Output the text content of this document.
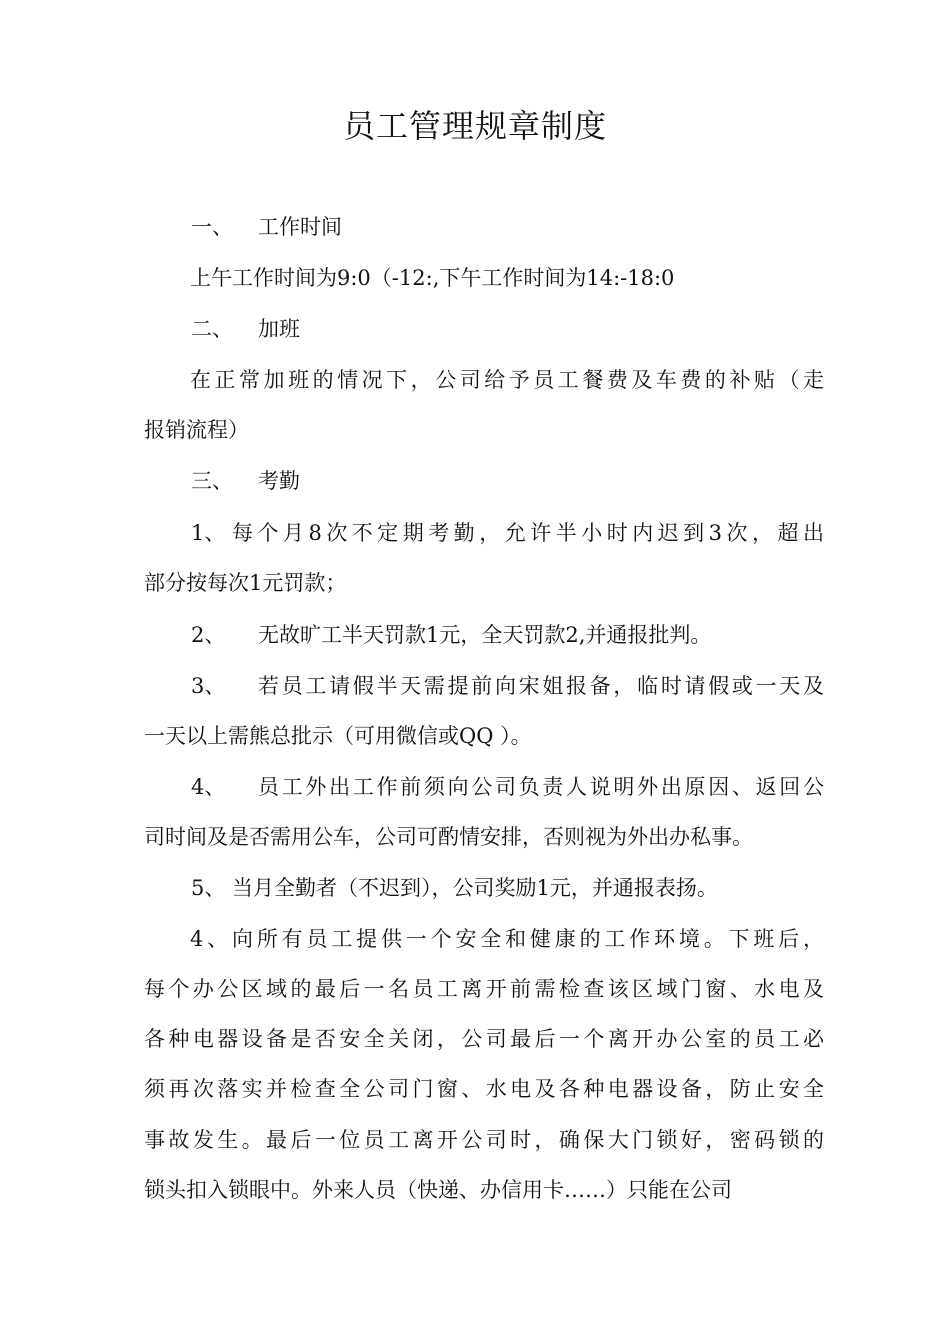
员工管理规章制度
一、 工作时间
上午工作时间为9:0（-12:,下午工作时间为14:-18:0
二、 加班
在正常加班的情况下，公司给予员工餐费及车费的补贴（走
报销流程）
三、 考勤
1、 每个月8次不定期考勤，允许半小时内迟到3次，超出
部分按每次1元罚款；
2、 无故旷工半天罚款1元，全天罚款2,并通报批判。
3、 若员工请假半天需提前向宋姐报备，临时请假或一天及
一天以上需熊总批示（可用微信或QQ ）。
4、 员工外出工作前须向公司负责人说明外出原因、返回公
司时间及是否需用公车，公司可酌情安排，否则视为外出办私事。
5、 当月全勤者（不迟到），公司奖励1元，并通报表扬。
4、向所有员工提供一个安全和健康的工作环境。下班后，
每个办公区域的最后一名员工离开前需检查该区域门窗、水电及
各种电器设备是否安全关闭，公司最后一个离开办公室的员工必
须再次落实并检查全公司门窗、水电及各种电器设备，防止安全
事故发生。最后一位员工离开公司时，确保大门锁好，密码锁的
锁头扣入锁眼中。外来人员（快递、办信用卡……）只能在公司
